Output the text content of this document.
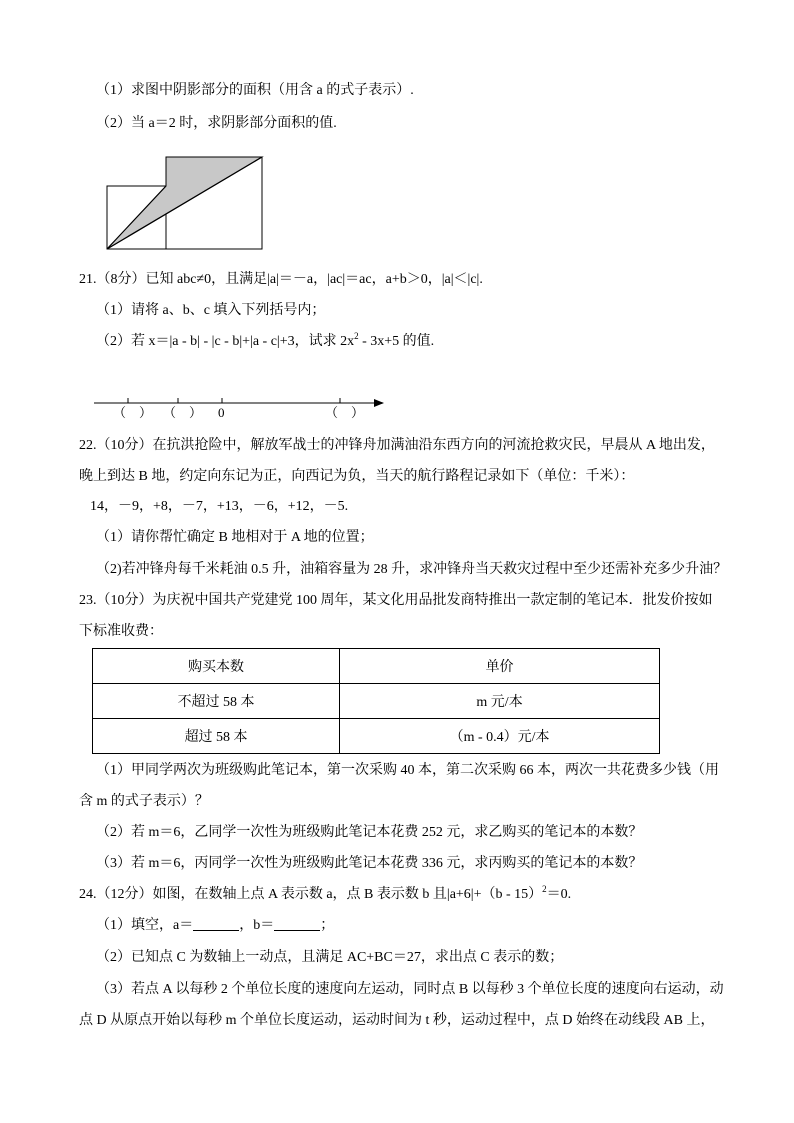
（1）求图中阴影部分的面积（用含 a 的式子表示）.
（2）当 a＝2 时，求阴影部分面积的值.
21.（8分）已知 abc≠0，且满足|a|＝－a，|ac|＝ac，a+b＞0，|a|＜|c|.
（1）请将 a、b、c 填入下列括号内；
（2）若 x＝|a - b| - |c - b|+|a - c|+3，试求 $2x^2 - 3x+5$ 的值.
（　） （　） 0	（　）
22.（10分）在抗洪抢险中，解放军战士的冲锋舟加满油沿东西方向的河流抢救灾民，早晨从 A 地出发，
晚上到达 B 地，约定向东记为正，向西记为负，当天的航行路程记录如下（单位：千米）：
14，－9，+8，－7，+13，－6，+12，－5.
（1）请你帮忙确定 B 地相对于 A 地的位置；
（2)若冲锋舟每千米耗油 0.5 升，油箱容量为 28 升，求冲锋舟当天救灾过程中至少还需补充多少升油？
23.（10分）为庆祝中国共产党建党 100 周年，某文化用品批发商特推出一款定制的笔记本．批发价按如
下标准收费：
购买本数	单价
不超过 58 本	m 元/本
超过 58 本	（m - 0.4）元/本
（1）甲同学两次为班级购此笔记本，第一次采购 40 本，第二次采购 66 本，两次一共花费多少钱（用
含 m 的式子表示）？
（2）若 m＝6，乙同学一次性为班级购此笔记本花费 252 元，求乙购买的笔记本的本数？
（3）若 m＝6，丙同学一次性为班级购此笔记本花费 336 元，求丙购买的笔记本的本数？
24.（12分）如图，在数轴上点 A 表示数 a，点 B 表示数 b 且|a+6|+（b - 15）$^2$＝0.
（1）填空，a＝	，b＝	；
（2）已知点 C 为数轴上一动点，且满足 AC+BC＝27，求出点 C 表示的数；
（3）若点 A 以每秒 2 个单位长度的速度向左运动，同时点 B 以每秒 3 个单位长度的速度向右运动，动
点 D 从原点开始以每秒 m 个单位长度运动，运动时间为 t 秒，运动过程中，点 D 始终在动线段 AB 上，
